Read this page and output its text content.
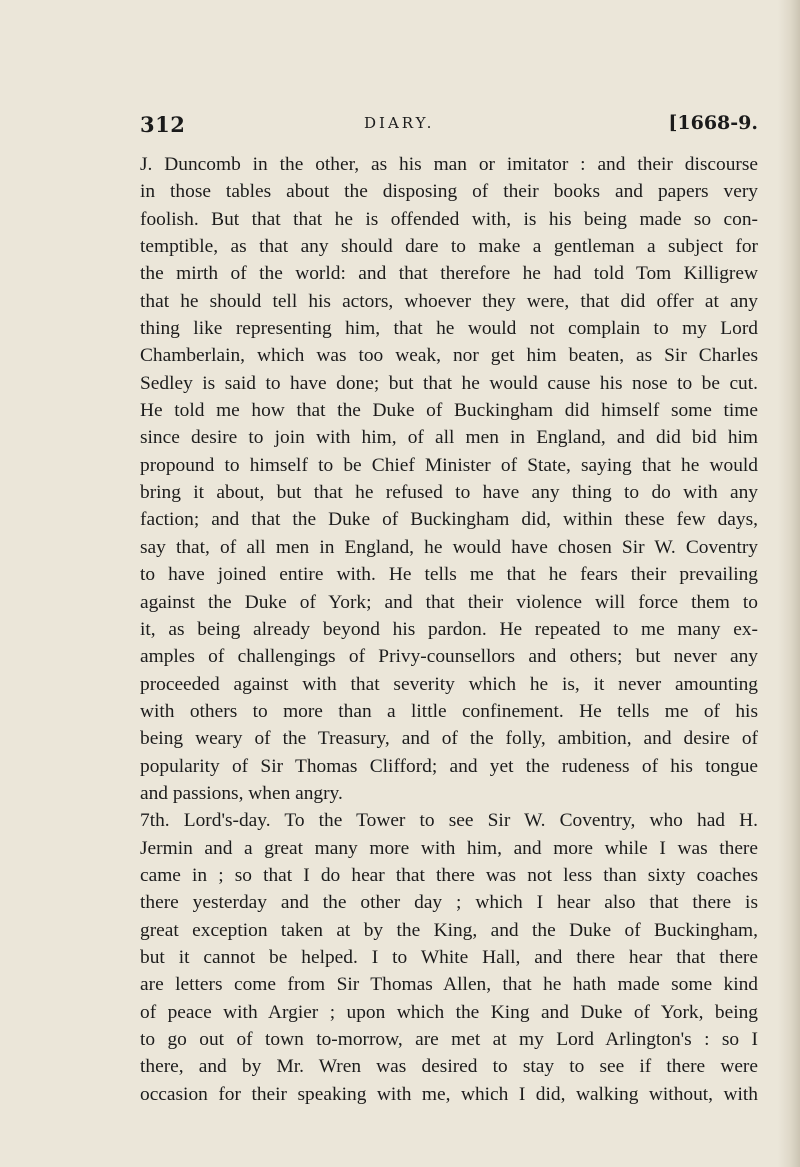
312	DIARY.	[1668-9.
J. Duncomb in the other, as his man or imitator : and their discourse
in those tables about the disposing of their books and papers very
foolish. But that that he is offended with, is his being made so con-
temptible, as that any should dare to make a gentleman a subject for
the mirth of the world: and that therefore he had told Tom Killigrew
that he should tell his actors, whoever they were, that did offer at any
thing like representing him, that he would not complain to my Lord
Chamberlain, which was too weak, nor get him beaten, as Sir Charles
Sedley is said to have done; but that he would cause his nose to be cut.
He told me how that the Duke of Buckingham did himself some time
since desire to join with him, of all men in England, and did bid him
propound to himself to be Chief Minister of State, saying that he would
bring it about, but that he refused to have any thing to do with any
faction; and that the Duke of Buckingham did, within these few days,
say that, of all men in England, he would have chosen Sir W. Coventry
to have joined entire with. He tells me that he fears their prevailing
against the Duke of York; and that their violence will force them to
it, as being already beyond his pardon. He repeated to me many ex-
amples of challengings of Privy-counsellors and others; but never any
proceeded against with that severity which he is, it never amounting
with others to more than a little confinement. He tells me of his
being weary of the Treasury, and of the folly, ambition, and desire of
popularity of Sir Thomas Clifford; and yet the rudeness of his tongue
and passions, when angry.
7th. Lord's-day. To the Tower to see Sir W. Coventry, who had H.
Jermin and a great many more with him, and more while I was there
came in ; so that I do hear that there was not less than sixty coaches
there yesterday and the other day ; which I hear also that there is
great exception taken at by the King, and the Duke of Buckingham,
but it cannot be helped. I to White Hall, and there hear that there
are letters come from Sir Thomas Allen, that he hath made some kind
of peace with Argier ; upon which the King and Duke of York, being
to go out of town to-morrow, are met at my Lord Arlington's : so I
there, and by Mr. Wren was desired to stay to see if there were
occasion for their speaking with me, which I did, walking without, with
